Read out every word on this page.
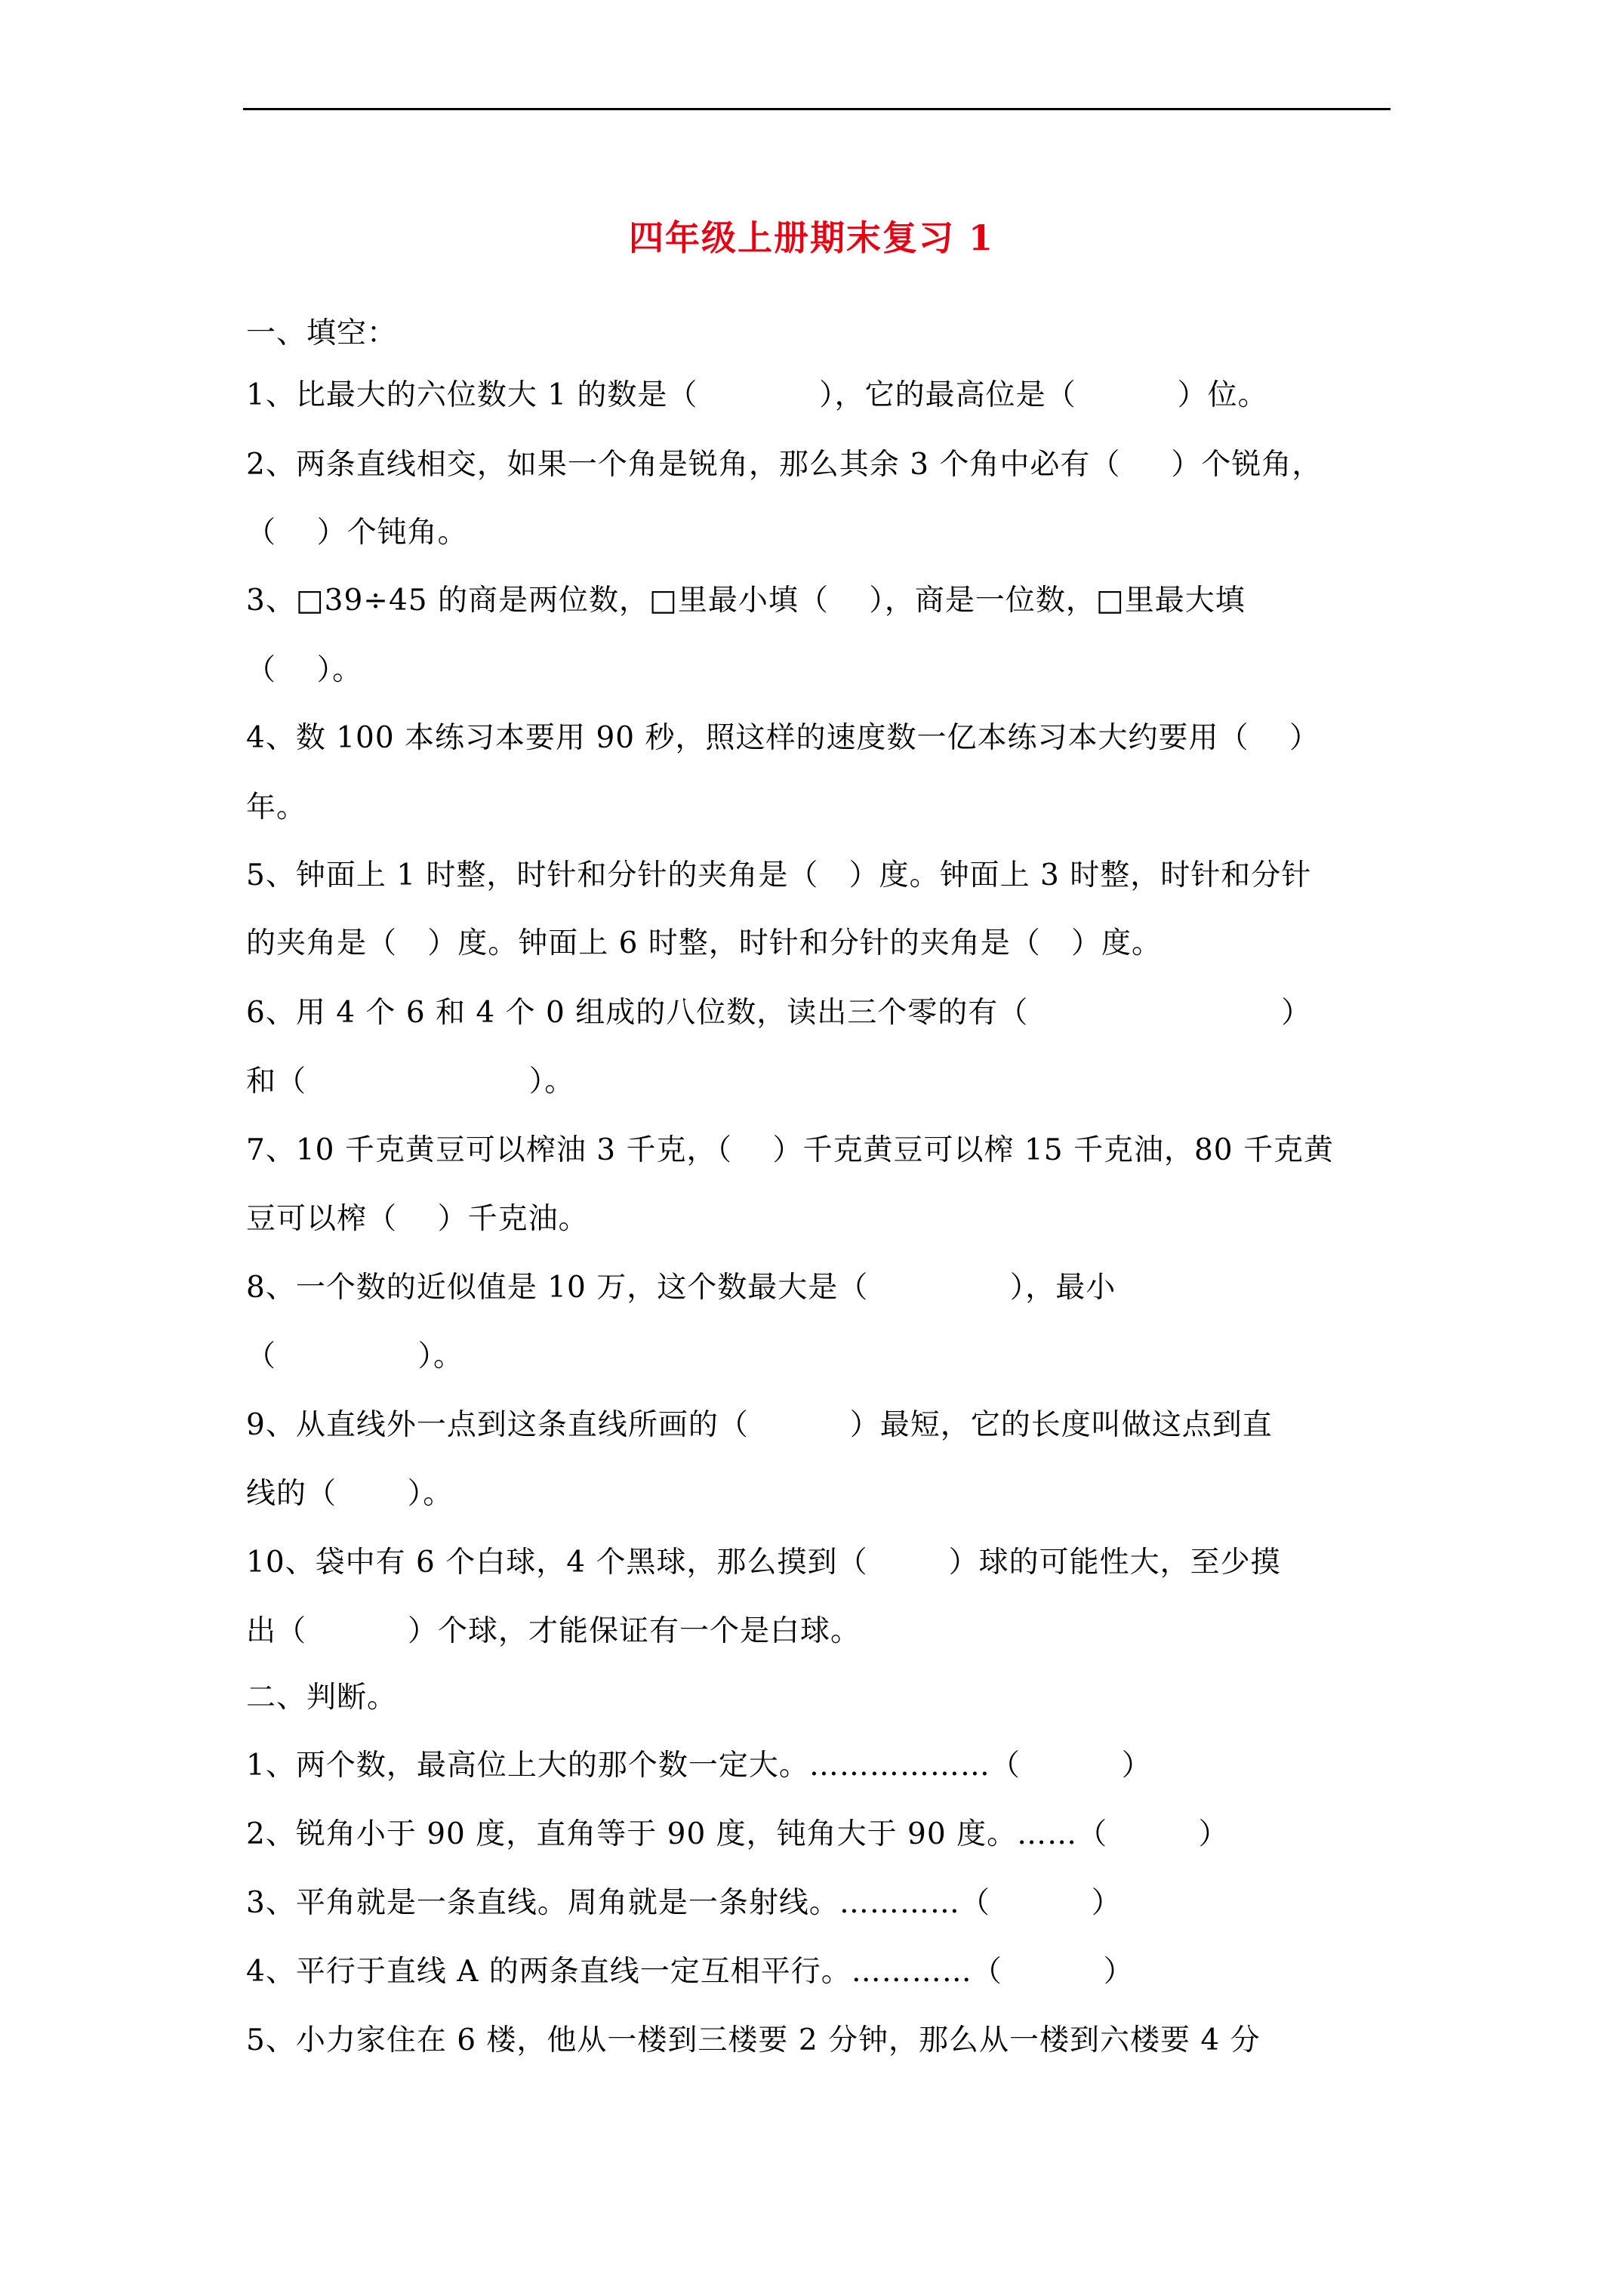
四年级上册期末复习 1
一、填空：
1、比最大的六位数大 1 的数是（            ），它的最高位是（          ）位。
2、两条直线相交，如果一个角是锐角，那么其余 3 个角中必有（     ）个锐角，
（    ）个钝角。
3、□39÷45 的商是两位数，□里最小填（    ），商是一位数，□里最大填
（    ）。
4、数 100 本练习本要用 90 秒，照这样的速度数一亿本练习本大约要用（    ）
年。
5、钟面上 1 时整，时针和分针的夹角是（   ）度。钟面上 3 时整，时针和分针
的夹角是（   ）度。钟面上 6 时整，时针和分针的夹角是（   ）度。
6、用 4 个 6 和 4 个 0 组成的八位数，读出三个零的有（                         ）
和（                      ）。
7、10 千克黄豆可以榨油 3 千克，（    ）千克黄豆可以榨 15 千克油，80 千克黄
豆可以榨（    ）千克油。
8、一个数的近似值是 10 万，这个数最大是（              ），最小
（              ）。
9、从直线外一点到这条直线所画的（          ）最短，它的长度叫做这点到直
线的（       ）。
10、袋中有 6 个白球，4 个黑球，那么摸到（        ）球的可能性大，至少摸
出（          ）个球，才能保证有一个是白球。
二、判断。
1、两个数，最高位上大的那个数一定大。………………（          ）
2、锐角小于 90 度，直角等于 90 度，钝角大于 90 度。……（         ）
3、平角就是一条直线。周角就是一条射线。…………（          ）
4、平行于直线 A 的两条直线一定互相平行。…………（          ）
5、小力家住在 6 楼，他从一楼到三楼要 2 分钟，那么从一楼到六楼要 4 分
